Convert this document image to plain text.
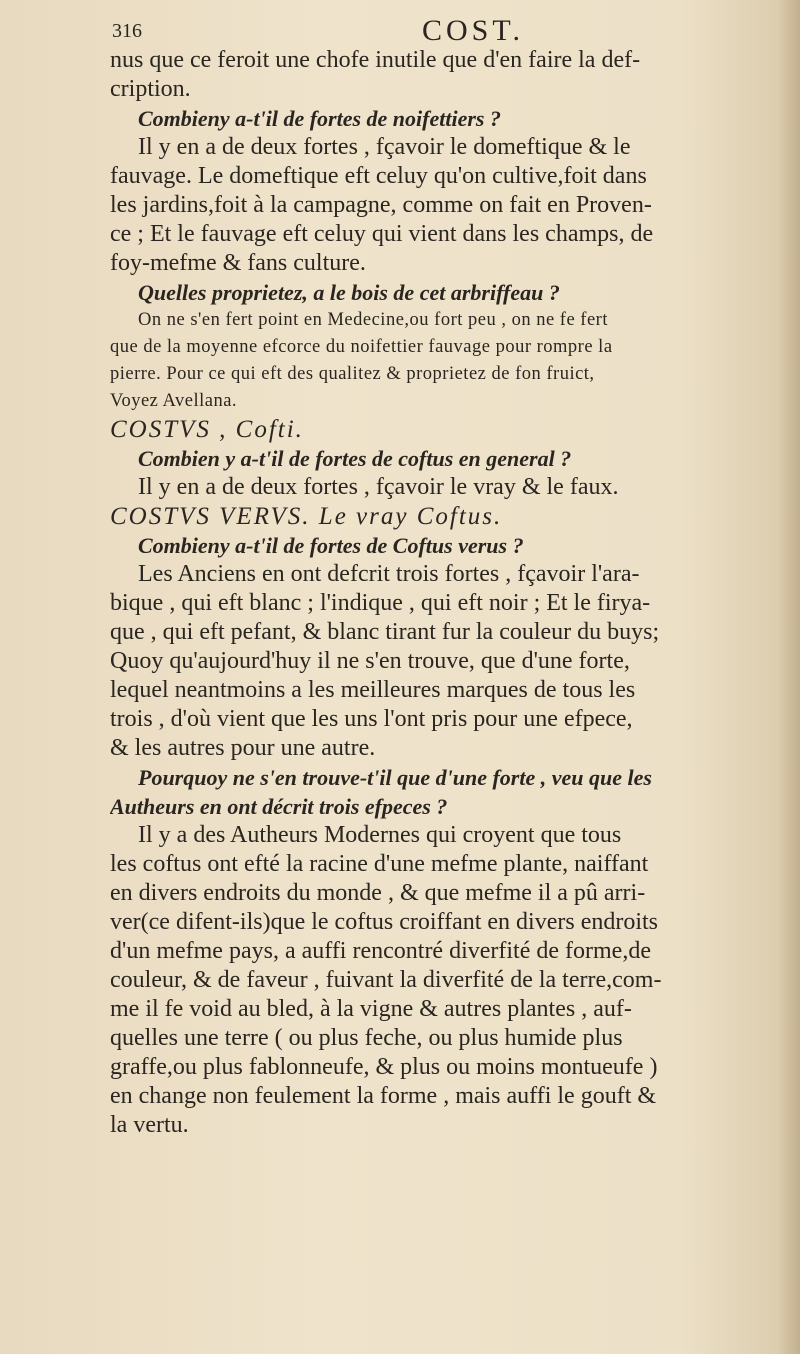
316	COST.
nus que ce feroit une chofe inutile que d'en faire la def-
cription.
Combieny a-t'il de fortes de noifettiers ?
Il y en a de deux fortes , fçavoir le domeftique & le
fauvage. Le domeftique eft celuy qu'on cultive,foit dans
les jardins,foit à la campagne, comme on fait en Proven-
ce ; Et le fauvage eft celuy qui vient dans les champs, de
foy-mefme & fans culture.
Quelles proprietez, a le bois de cet arbriffeau ?
On ne s'en fert point en Medecine,ou fort peu , on ne fe fert
que de la moyenne efcorce du noifettier fauvage pour rompre la
pierre. Pour ce qui eft des qualitez & proprietez de fon fruict,
Voyez Avellana.
COSTVS , Cofti.
Combien y a-t'il de fortes de coftus en general ?
Il y en a de deux fortes , fçavoir le vray & le faux.
COSTVS VERVS. Le vray Coftus.
Combieny a-t'il de fortes de Coftus verus ?
Les Anciens en ont defcrit trois fortes , fçavoir l'ara-
bique , qui eft blanc ; l'indique , qui eft noir ; Et le firya-
que , qui eft pefant, & blanc tirant fur la couleur du buys;
Quoy qu'aujourd'huy il ne s'en trouve, que d'une forte,
lequel neantmoins a les meilleures marques de tous les
trois , d'où vient que les uns l'ont pris pour une efpece,
& les autres pour une autre.
Pourquoy ne s'en trouve-t'il que d'une forte , veu que les
Autheurs en ont décrit trois efpeces ?
Il y a des Autheurs Modernes qui croyent que tous
les coftus ont efté la racine d'une mefme plante, naiffant
en divers endroits du monde , & que mefme il a pû arri-
ver(ce difent-ils)que le coftus croiffant en divers endroits
d'un mefme pays, a auffi rencontré diverfité de forme,de
couleur, & de faveur , fuivant la diverfité de la terre,com-
me il fe void au bled, à la vigne & autres plantes , auf-
quelles une terre ( ou plus feche, ou plus humide plus
graffe,ou plus fablonneufe, & plus ou moins montueufe )
en change non feulement la forme , mais auffi le gouft &
la vertu.
